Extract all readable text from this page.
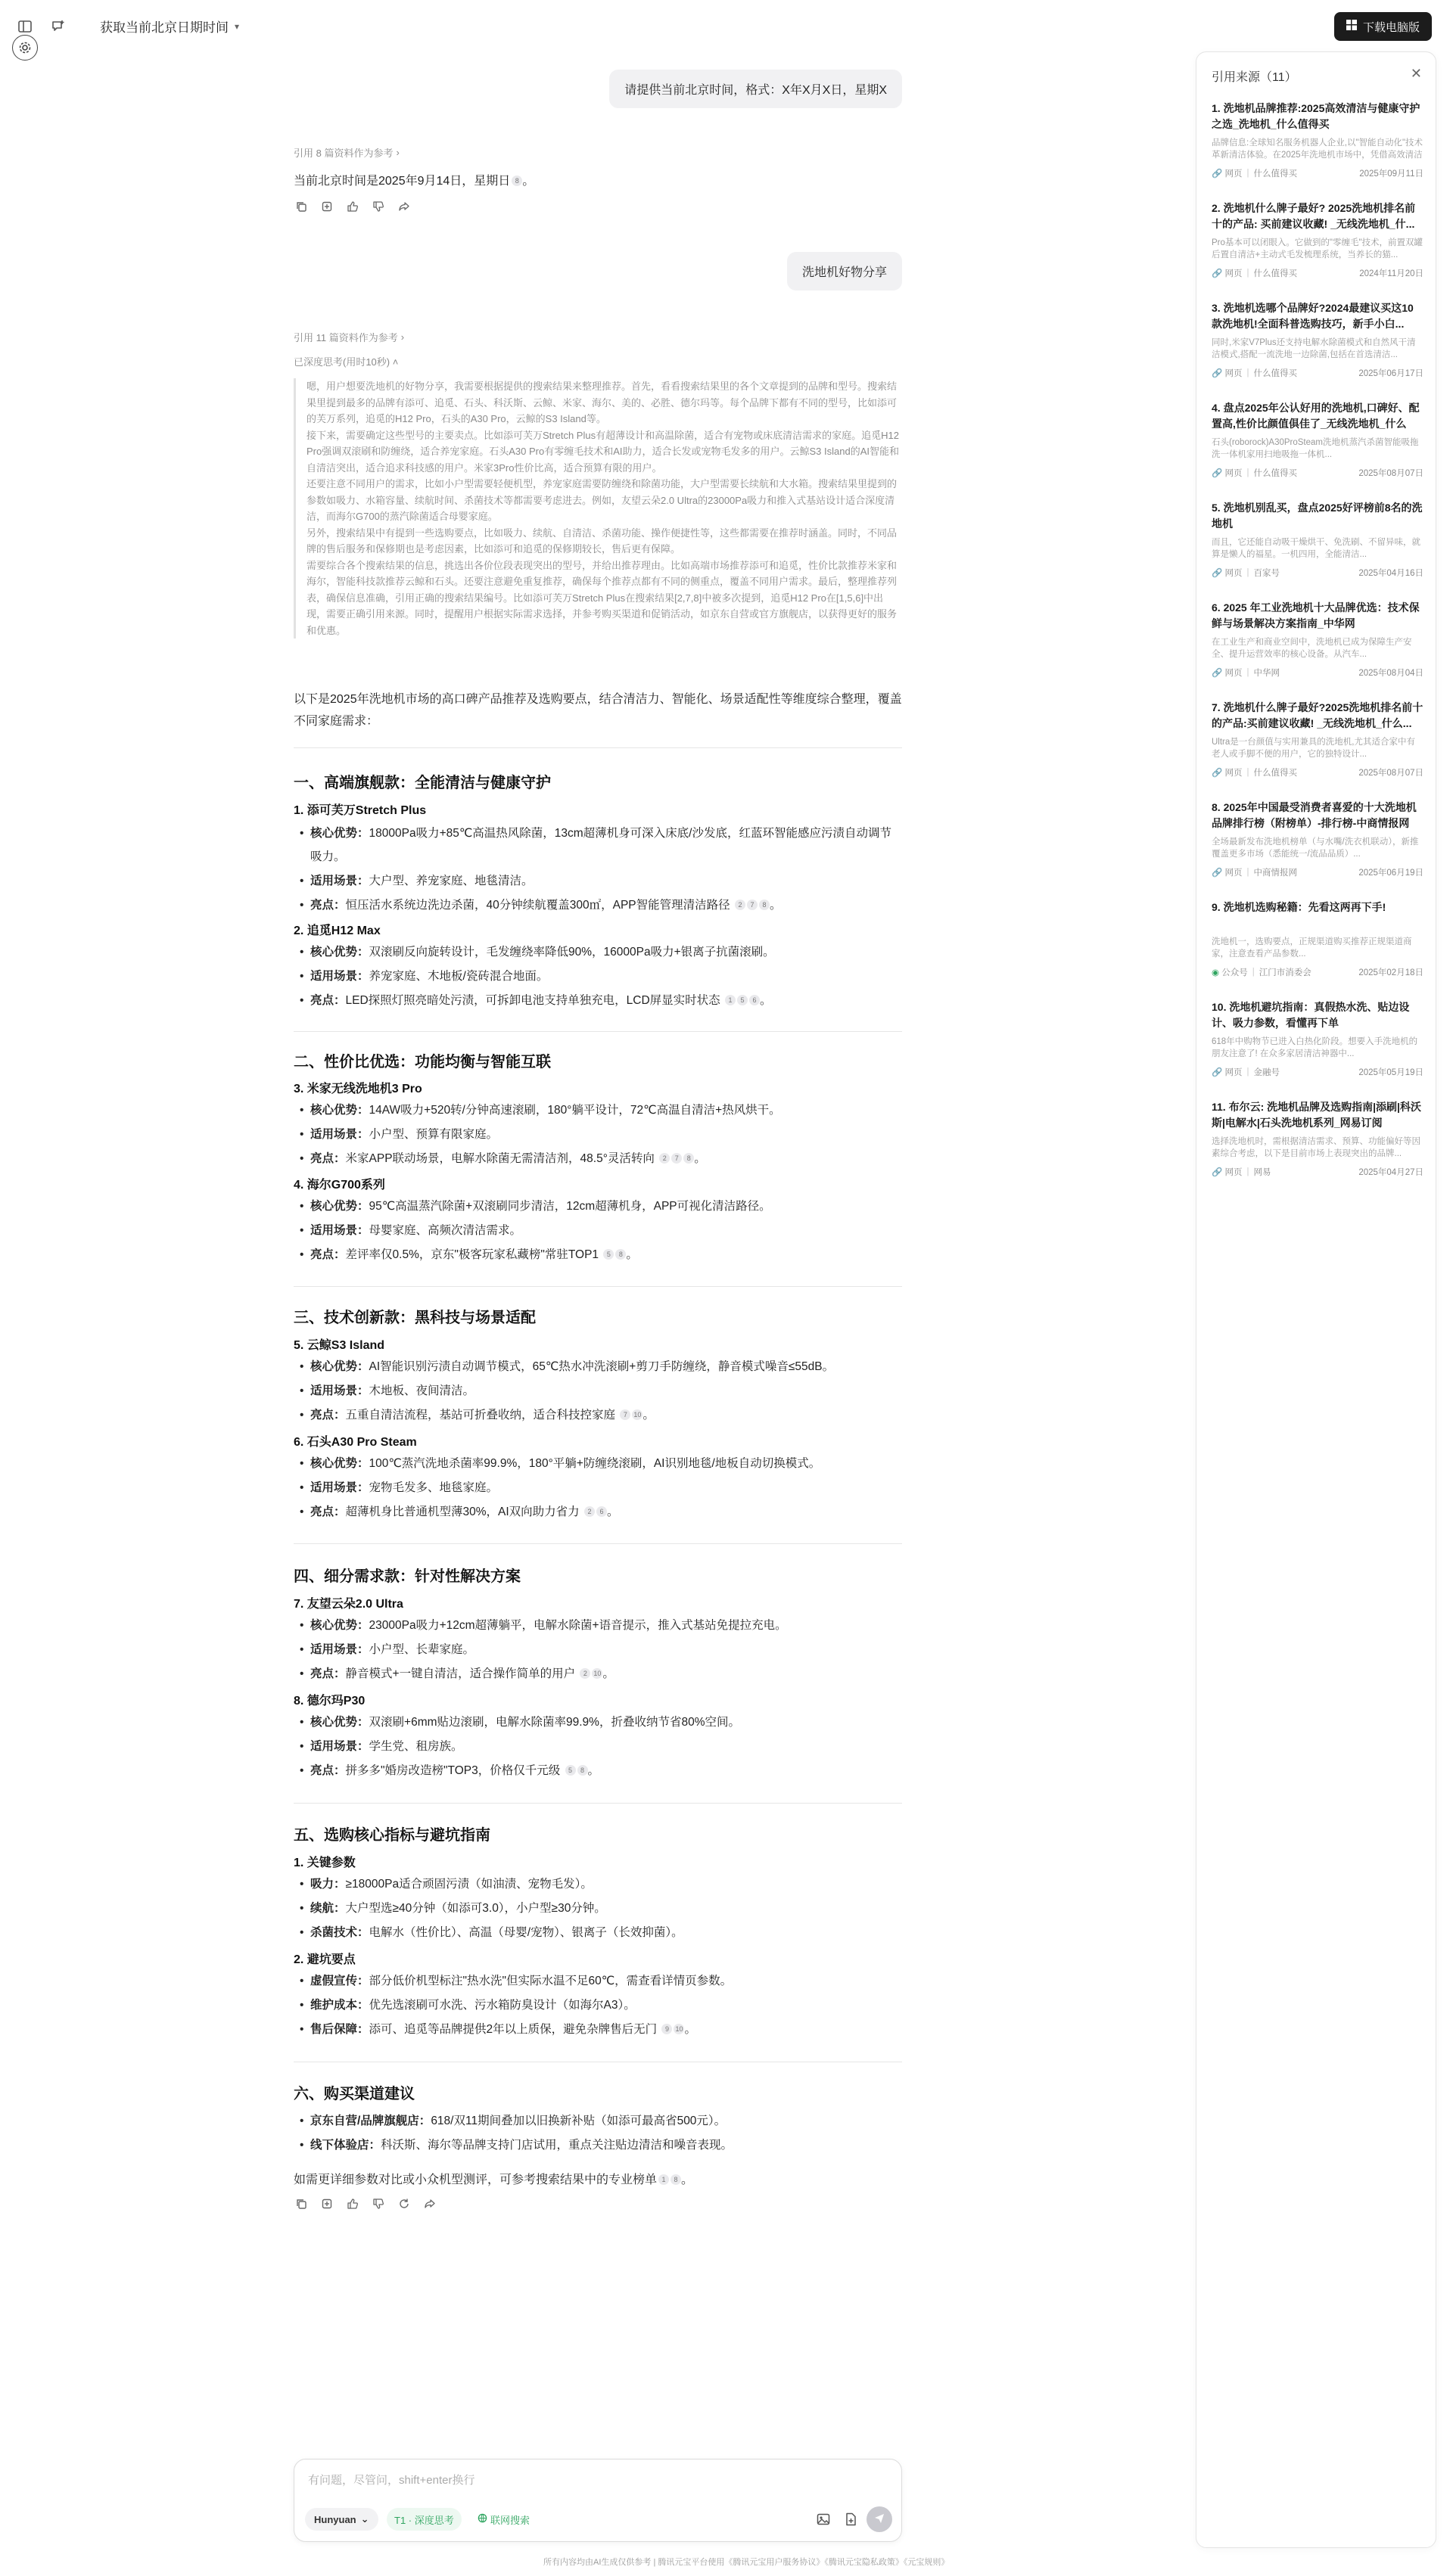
获取当前北京日期时间 ▾	下载电脑版
请提供当前北京时间，格式：X年X月X日，星期X
引用 8 篇资料作为参考 ›
当前北京时间是2025年9月14日，星期日 8 。
洗地机好物分享
引用 11 篇资料作为参考 ›
已深度思考(用时10秒) ˄

嗯，用户想要洗地机的好物分享，我需要根据提供的搜索结果来整理推荐。首先，看看搜索结果里的各个文章提到的品牌和型号。搜索结果里提到最多的品牌有添可、追觅、石头、科沃斯、云鲸、米家、海尔、美的、必胜、德尔玛等。每个品牌下都有不同的型号，比如添可的芙万系列，追觅的H12 Pro，石头的A30 Pro，云鲸的S3 Island等。

接下来，需要确定这些型号的主要卖点。比如添可芙万Stretch Plus有超薄设计和高温除菌，适合有宠物或床底清洁需求的家庭。追觅H12 Pro强调双滚刷和防缠绕，适合养宠家庭。石头A30 Pro有零缠毛技术和AI助力，适合长发或宠物毛发多的用户。云鲸S3 Island的AI智能和自清洁突出，适合追求科技感的用户。米家3Pro性价比高，适合预算有限的用户。

还要注意不同用户的需求，比如小户型需要轻便机型，养宠家庭需要防缠绕和除菌功能，大户型需要长续航和大水箱。搜索结果里提到的参数如吸力、水箱容量、续航时间、杀菌技术等都需要考虑进去。例如，友望云朵2.0 Ultra的23000Pa吸力和推入式基站设计适合深度清洁，而海尔G700的蒸汽除菌适合母婴家庭。

另外，搜索结果中有提到一些选购要点，比如吸力、续航、自清洁、杀菌功能、操作便捷性等，这些都需要在推荐时涵盖。同时，不同品牌的售后服务和保修期也是考虑因素，比如添可和追觅的保修期较长，售后更有保障。

需要综合各个搜索结果的信息，挑选出各价位段表现突出的型号，并给出推荐理由。比如高端市场推荐添可和追觅，性价比款推荐米家和海尔，智能科技款推荐云鲸和石头。还要注意避免重复推荐，确保每个推荐点都有不同的侧重点，覆盖不同用户需求。最后，整理推荐列表，确保信息准确，引用正确的搜索结果编号。比如添可芙万Stretch Plus在搜索结果[2,7,8]中被多次提到，追觅H12 Pro在[1,5,6]中出现，需要正确引用来源。同时，提醒用户根据实际需求选择，并参考购买渠道和促销活动，如京东自营或官方旗舰店，以获得更好的服务和优惠。

以下是2025年洗地机市场的高口碑产品推荐及选购要点，结合清洁力、智能化、场景适配性等维度综合整理，覆盖不同家庭需求：
一、高端旗舰款：全能清洁与健康守护
1. 添可芙万Stretch Plus
• 核心优势：18000Pa吸力+85℃高温热风除菌，13cm超薄机身可深入床底/沙发底，红蓝环智能感应污渍自动调节吸力。
• 适用场景：大户型、养宠家庭、地毯清洁。
• 亮点：恒压活水系统边洗边杀菌，40分钟续航覆盖300㎡，APP智能管理清洁路径 2 7 8 。
2. 追觅H12 Max
• 核心优势：双滚刷反向旋转设计，毛发缠绕率降低90%，16000Pa吸力+银离子抗菌滚刷。
• 适用场景：养宠家庭、木地板/瓷砖混合地面。
• 亮点：LED探照灯照亮暗处污渍，可拆卸电池支持单独充电，LCD屏显实时状态 1 5 6 。
二、性价比优选：功能均衡与智能互联
3. 米家无线洗地机3 Pro
• 核心优势：14AW吸力+520转/分钟高速滚刷，180°躺平设计，72℃高温自清洁+热风烘干。
• 适用场景：小户型、预算有限家庭。
• 亮点：米家APP联动场景，电解水除菌无需清洁剂，48.5°灵活转向 2 7 8 。
4. 海尔G700系列
• 核心优势：95℃高温蒸汽除菌+双滚刷同步清洁，12cm超薄机身，APP可视化清洁路径。
• 适用场景：母婴家庭、高频次清洁需求。
• 亮点：差评率仅0.5%，京东"极客玩家私藏榜"常驻TOP1 5 8 。
三、技术创新款：黑科技与场景适配
5. 云鲸S3 Island
• 核心优势：AI智能识别污渍自动调节模式，65℃热水冲洗滚刷+剪刀手防缠绕，静音模式噪音≤55dB。
• 适用场景：木地板、夜间清洁。
• 亮点：五重自清洁流程，基站可折叠收纳，适合科技控家庭 7 10 。
6. 石头A30 Pro Steam
• 核心优势：100℃蒸汽洗地杀菌率99.9%，180°平躺+防缠绕滚刷，AI识别地毯/地板自动切换模式。
• 适用场景：宠物毛发多、地毯家庭。
• 亮点：超薄机身比普通机型薄30%，AI双向助力省力 2 6 。
四、细分需求款：针对性解决方案
7. 友望云朵2.0 Ultra
• 核心优势：23000Pa吸力+12cm超薄躺平，电解水除菌+语音提示，推入式基站免提拉充电。
• 适用场景：小户型、长辈家庭。
• 亮点：静音模式+一键自清洁，适合操作简单的用户 2 10 。
8. 德尔玛P30
• 核心优势：双滚刷+6mm贴边滚刷，电解水除菌率99.9%，折叠收纳节省80%空间。
• 适用场景：学生党、租房族。
• 亮点：拼多多"婚房改造榜"TOP3，价格仅千元级 5 8 。
五、选购核心指标与避坑指南
1. 关键参数
• 吸力：≥18000Pa适合顽固污渍（如油渍、宠物毛发）。
• 续航：大户型选≥40分钟（如添可3.0），小户型≥30分钟。
• 杀菌技术：电解水（性价比）、高温（母婴/宠物）、银离子（长效抑菌）。
2. 避坑要点
• 虚假宣传：部分低价机型标注"热水洗"但实际水温不足60℃，需查看详情页参数。
• 维护成本：优先选滚刷可水洗、污水箱防臭设计（如海尔A3）。
• 售后保障：添可、追觅等品牌提供2年以上质保，避免杂牌售后无门 9 10 。
六、购买渠道建议
• 京东自营/品牌旗舰店：618/双11期间叠加以旧换新补贴（如添可最高省500元）。
• 线下体验店：科沃斯、海尔等品牌支持门店试用，重点关注贴边清洁和噪音表现。
如需更详细参数对比或小众机型测评，可参考搜索结果中的专业榜单 1 8 。
有问题，尽管问，shift+enter换行
Hunyuan ⌄	T1 · 深度思考	联网搜索
所有内容均由AI生成仅供参考 | 腾讯元宝平台使用《腾讯元宝用户服务协议》《腾讯元宝隐私政策》《元宝规则》
引用来源（11）	✕
1. 洗地机品牌推荐:2025高效清洁与健康守护之选_洗地机_什么值得买
品牌信息:全球知名服务机器人企业,以"智能自动化"技术革新清洁体验。在2025年洗地机市场中，凭借高效清洁
🔗
网页 | 什么值得买	2025年09月11日
2. 洗地机什么牌子最好? 2025洗地机排名前十的产品: 买前建议收藏! _无线洗地机_什...
Pro基本可以闭眼入。它做到的"零缠毛"技术，前置双罐后置自清洁+主动式毛发梳理系统，当养长的猫...
🔗
网页 | 什么值得买	2024年11月20日
3. 洗地机选哪个品牌好?2024最建议买这10款洗地机!全面科普选购技巧，新手小白...
同时,米家V7Plus还支持电解水除菌模式和自然风干清洁模式,搭配一流洗地一边除菌,包括在首选清洁...
🔗
网页 | 什么值得买	2025年06月17日
4. 盘点2025年公认好用的洗地机,口碑好、配置高,性价比颜值俱佳了_无线洗地机_什么
石头(roborock)A30ProSteam洗地机蒸汽杀菌智能吸拖洗一体机家用扫地吸拖一体机...
🔗
网页 | 什么值得买	2025年08月07日
5. 洗地机别乱买，盘点2025好评榜前8名的洗地机
而且，它还能自动吸干燥烘干、免洗刷、不留异味，就算是懒人的福星。一机四用，全能清洁...
🔗
网页 | 百家号	2025年04月16日
6. 2025 年工业洗地机十大品牌优选：技术保鲜与场景解决方案指南_中华网
在工业生产和商业空间中，洗地机已成为保障生产安全、提升运营效率的核心设备。从汽车...
🔗
网页 | 中华网	2025年08月04日
7. 洗地机什么牌子最好?2025洗地机排名前十的产品:买前建议收藏! _无线洗地机_什么...
Ultra是一台颜值与实用兼具的洗地机,尤其适合家中有老人或手脚不便的用户，它的独特设计...
🔗
网页 | 什么值得买	2025年08月07日
8. 2025年中国最受消费者喜爱的十大洗地机品牌排行榜（附榜单）-排行榜-中商情报网
全场最新发布洗地机榜单（与水嘴/洗衣机联动），新推覆盖更多市场（悉能统一/流品品质）...
🔗
网页 | 中商情报网	2025年06月19日
9. 洗地机选购秘籍：先看这两再下手!
洗地机一，选购要点，正规渠道购买推荐正规渠道商家，注意查看产品参数...
◉
公众号 | 江门市消委会	2025年02月18日
10. 洗地机避坑指南：真假热水洗、贴边设计、吸力参数，看懂再下单
618年中购物节已进入白热化阶段。想要入手洗地机的朋友注意了! 在众多家居清洁神器中...
🔗
网页 | 金融号	2025年05月19日
11. 布尔云: 洗地机品牌及选购指南|添刷|科沃斯|电解水|石头洗地机系列_网易订阅
选择洗地机时，需根据清洁需求、预算、功能偏好等因素综合考虑，以下是目前市场上表现突出的品牌...
🔗
网页 | 网易	2025年04月27日
